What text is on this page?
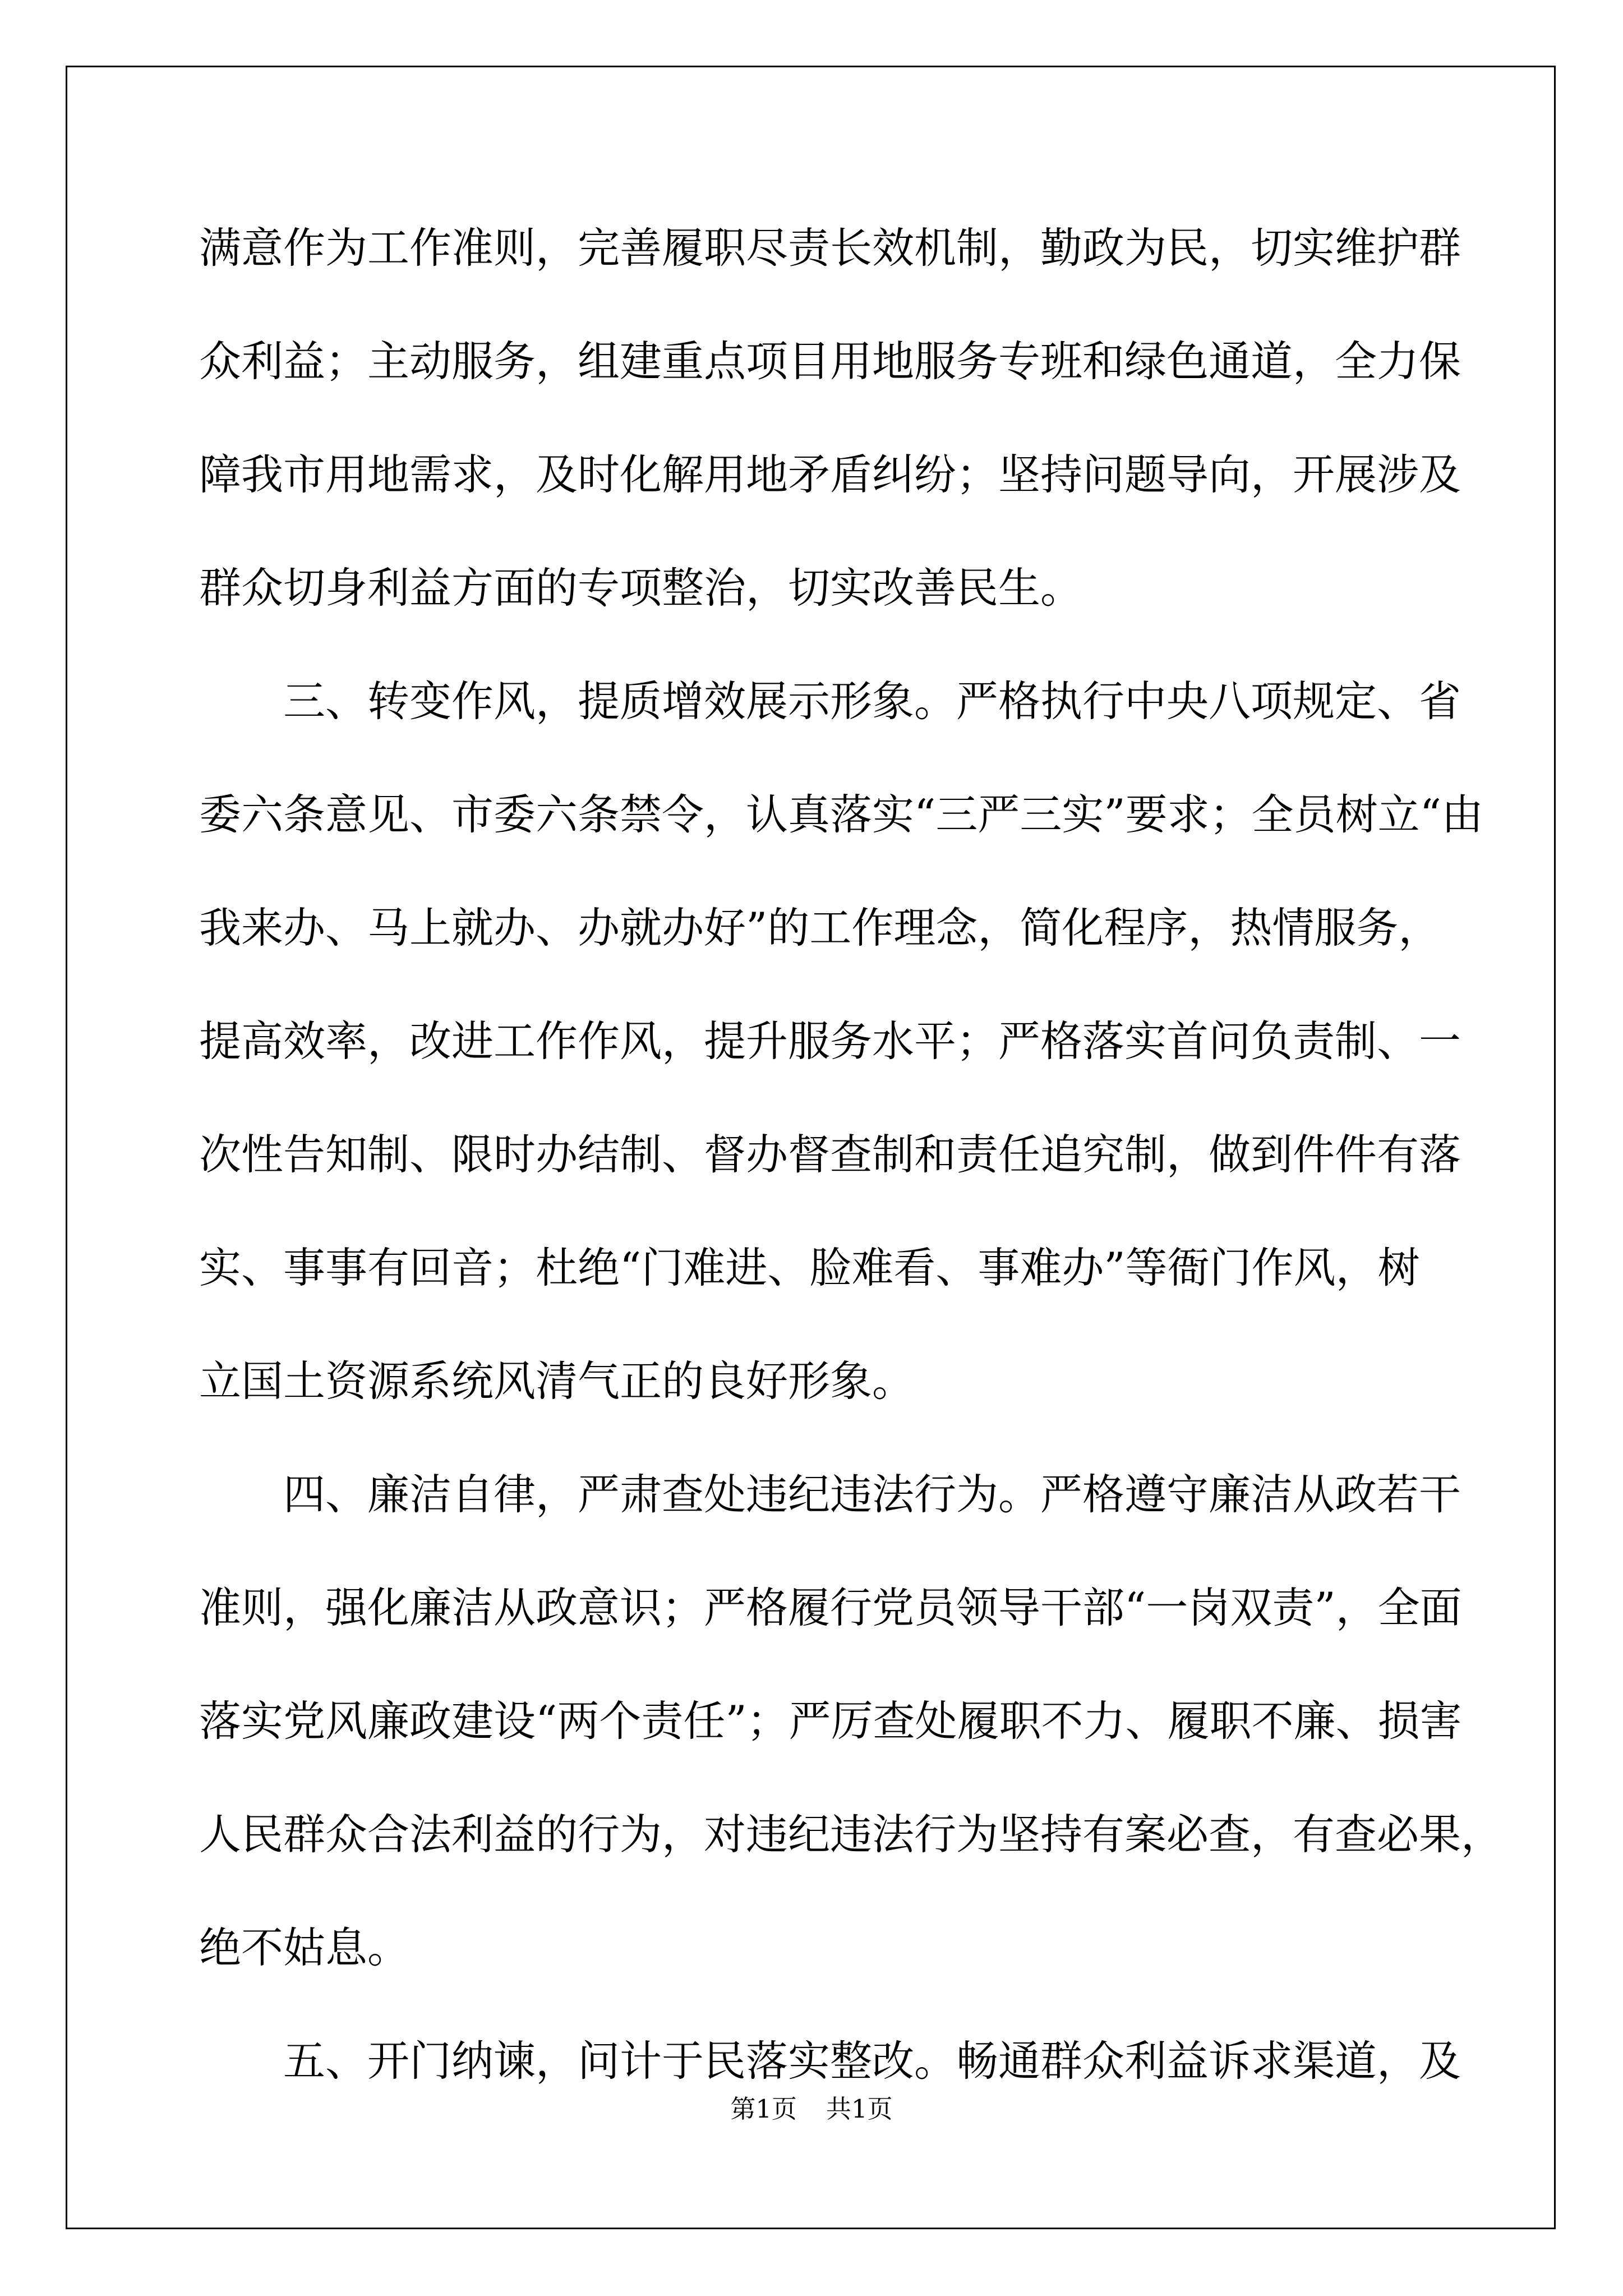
满意作为工作准则，完善履职尽责长效机制，勤政为民，切实维护群

众利益；主动服务，组建重点项目用地服务专班和绿色通道，全力保

障我市用地需求，及时化解用地矛盾纠纷；坚持问题导向，开展涉及

群众切身利益方面的专项整治，切实改善民生。

三、转变作风，提质增效展示形象。严格执行中央八项规定、省

委六条意见、市委六条禁令，认真落实“三严三实”要求；全员树立“由

我来办、马上就办、办就办好”的工作理念，简化程序，热情服务，

提高效率，改进工作作风，提升服务水平；严格落实首问负责制、一

次性告知制、限时办结制、督办督查制和责任追究制，做到件件有落

实、事事有回音；杜绝“门难进、脸难看、事难办”等衙门作风，树

立国土资源系统风清气正的良好形象。

四、廉洁自律，严肃查处违纪违法行为。严格遵守廉洁从政若干

准则，强化廉洁从政意识；严格履行党员领导干部“一岗双责”，全面

落实党风廉政建设“两个责任”；严厉查处履职不力、履职不廉、损害

人民群众合法利益的行为，对违纪违法行为坚持有案必查，有查必果，

绝不姑息。

五、开门纳谏，问计于民落实整改。畅通群众利益诉求渠道，及

第1页 共1页
